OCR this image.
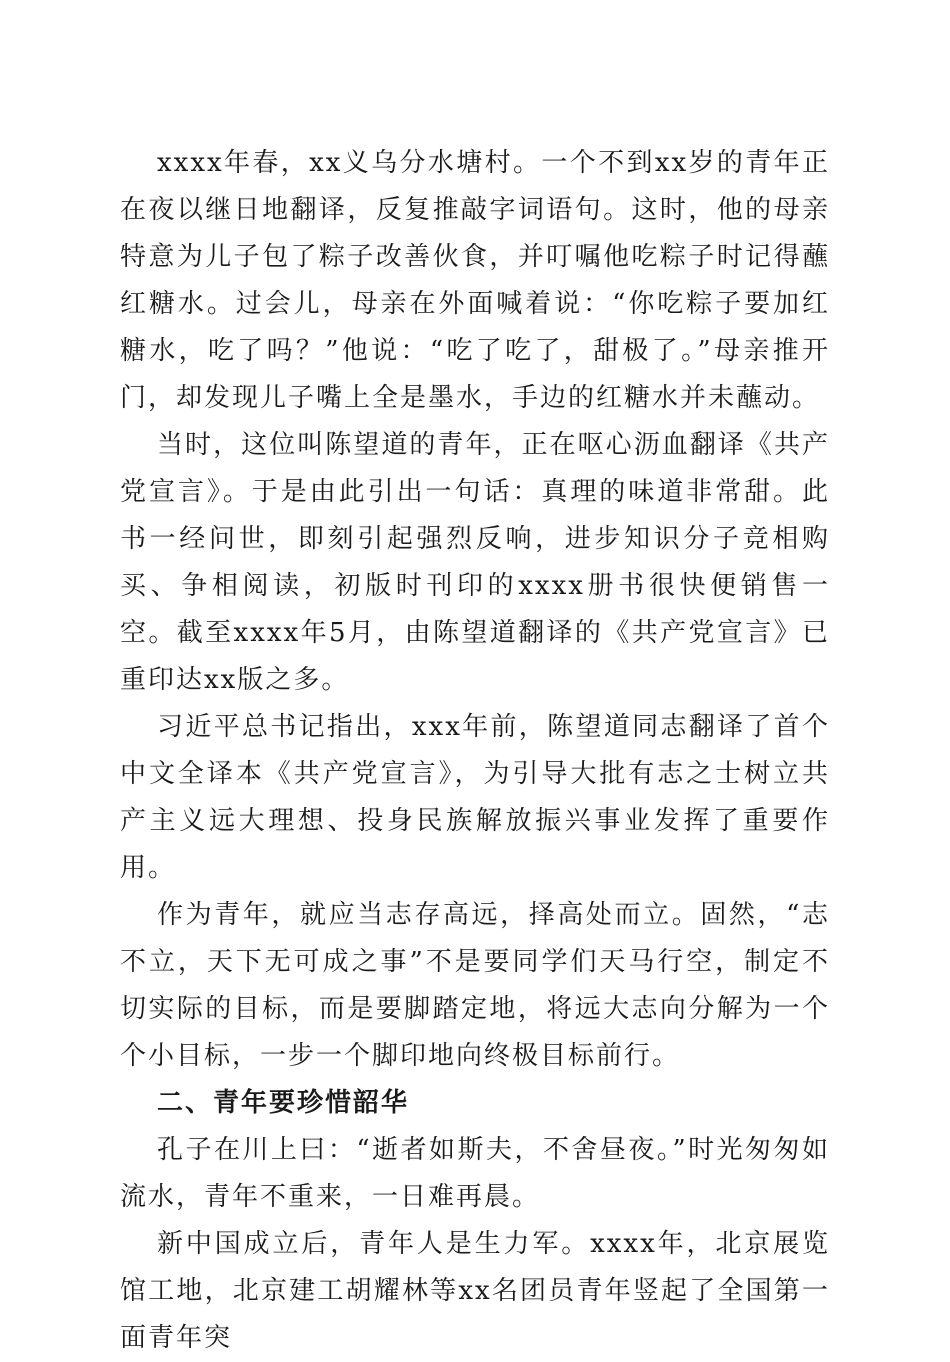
xxxx年春，xx义乌分水塘村。一个不到xx岁的青年正在夜以继日地翻译，反复推敲字词语句。这时，他的母亲特意为儿子包了粽子改善伙食，并叮嘱他吃粽子时记得蘸红糖水。过会儿，母亲在外面喊着说：“你吃粽子要加红糖水，吃了吗？”他说：“吃了吃了，甜极了。”母亲推开门，却发现儿子嘴上全是墨水，手边的红糖水并未蘸动。

当时，这位叫陈望道的青年，正在呕心沥血翻译《共产党宣言》。于是由此引出一句话：真理的味道非常甜。此书一经问世，即刻引起强烈反响，进步知识分子竞相购买、争相阅读，初版时刊印的xxxx册书很快便销售一空。截至xxxx年5月，由陈望道翻译的《共产党宣言》已重印达xx版之多。

习近平总书记指出，xxx年前，陈望道同志翻译了首个中文全译本《共产党宣言》，为引导大批有志之士树立共产主义远大理想、投身民族解放振兴事业发挥了重要作用。

作为青年，就应当志存高远，择高处而立。固然，“志不立，天下无可成之事”不是要同学们天马行空，制定不切实际的目标，而是要脚踏定地，将远大志向分解为一个个小目标，一步一个脚印地向终极目标前行。

二、青年要珍惜韶华

孔子在川上曰：“逝者如斯夫，不舍昼夜。”时光匆匆如流水，青年不重来，一日难再晨。

新中国成立后，青年人是生力军。xxxx年，北京展览馆工地，北京建工胡耀林等xx名团员青年竖起了全国第一面青年突
